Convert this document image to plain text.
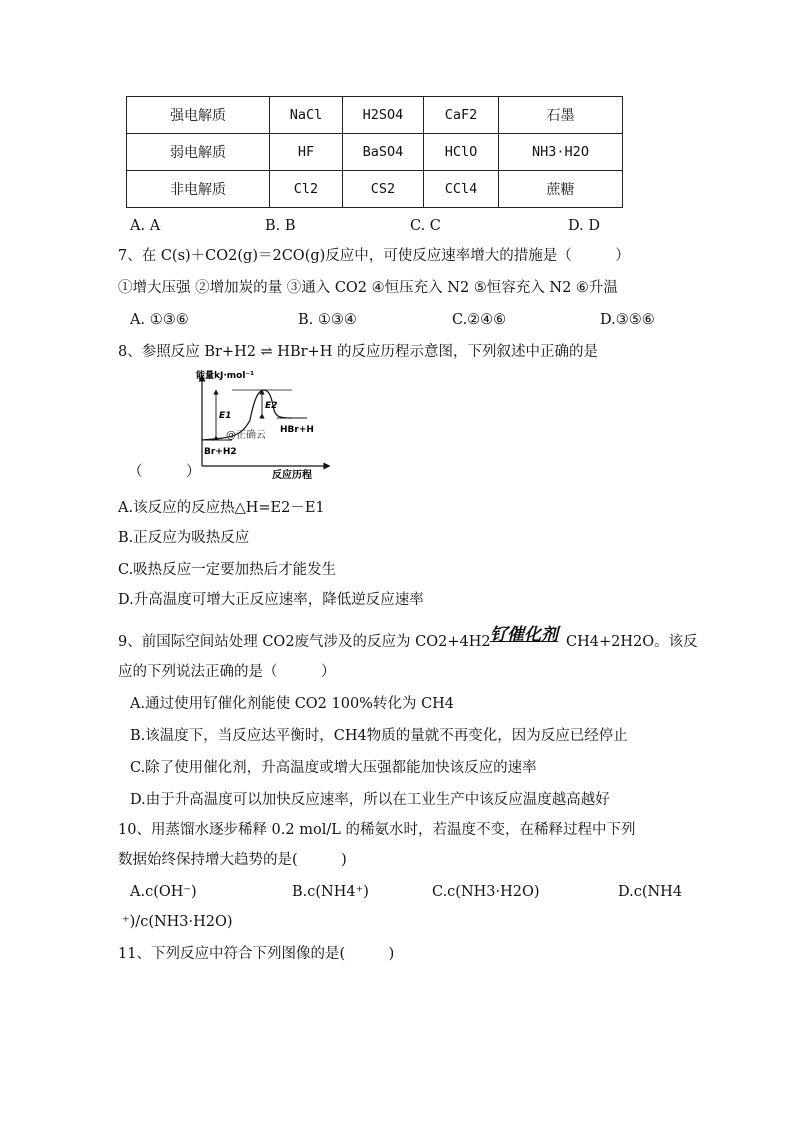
强电解质	NaCl	H2SO4	CaF2	石墨
弱电解质	HF	BaSO4	HClO	NH3·H2O
非电解质	Cl2	CS2	CCl4	蔗糖
A. A	B. B	C. C	D. D
7、在 C(s)＋CO2(g)＝2CO(g)反应中，可使反应速率增大的措施是（　　　）
①增大压强 ②增加炭的量 ③通入 CO2 ④恒压充入 N2 ⑤恒容充入 N2 ⑥升温
A. ①③⑥	B. ①③④	C.②④⑥	D.③⑤⑥
8、参照反应 Br+H2 ⇌ HBr+H 的反应历程示意图，下列叙述中正确的是
能量kJ·mol⁻¹
反应历程
E1
E2
Br+H2
HBr+H
@正确云
（　　　）
A.该反应的反应热△H=E2－E1
B.正反应为吸热反应
C.吸热反应一定要加热后才能发生
D.升高温度可增大正反应速率，降低逆反应速率
9、前国际空间站处理 CO2废气涉及的反应为 CO2+4H2 钌催化剂 CH4+2H2O。该反
应的下列说法正确的是（　　　）
A.通过使用钌催化剂能使 CO2 100%转化为 CH4
B.该温度下，当反应达平衡时，CH4物质的量就不再变化，因为反应已经停止
C.除了使用催化剂，升高温度或增大压强都能加快该反应的速率
D.由于升高温度可以加快反应速率，所以在工业生产中该反应温度越高越好
10、用蒸馏水逐步稀释 0.2 mol/L 的稀氨水时，若温度不变，在稀释过程中下列
数据始终保持增大趋势的是(　　　)
A.c(OH⁻)	B.c(NH4⁺)	C.c(NH3·H2O)	D.c(NH4
⁺)/c(NH3·H2O)
11、下列反应中符合下列图像的是(　　　)
